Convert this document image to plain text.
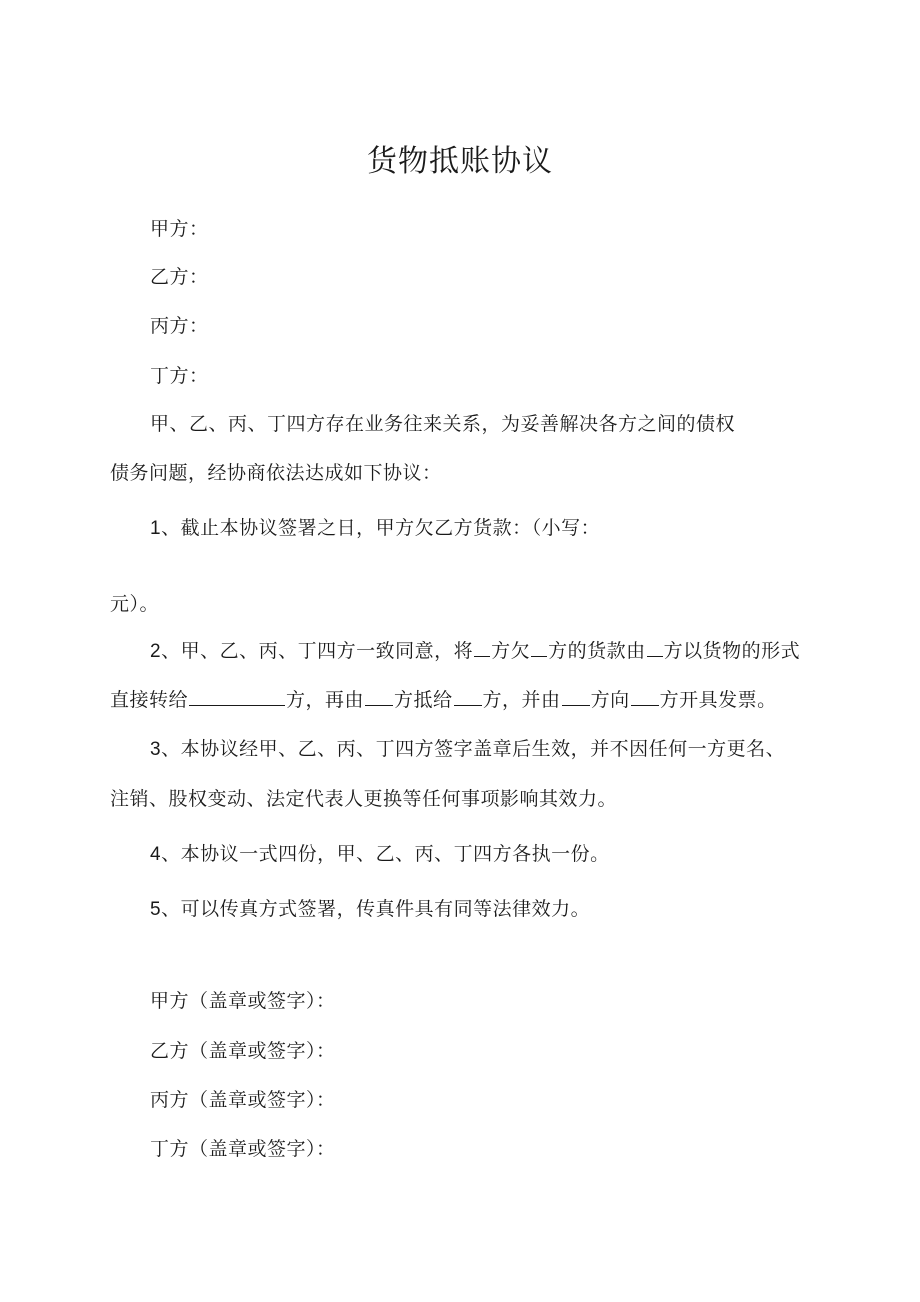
货物抵账协议
甲方：
乙方：
丙方：
丁方：
甲、乙、丙、丁四方存在业务往来关系，为妥善解决各方之间的债权
债务问题，经协商依法达成如下协议：
1、截止本协议签署之日，甲方欠乙方货款：（小写：
元）。
2、甲、乙、丙、丁四方一致同意，将 方欠 方的货款由 方以货物的形式
直接转给	方，再由 方抵给 方，并由 方向 方开具发票。
3、本协议经甲、乙、丙、丁四方签字盖章后生效，并不因任何一方更名、
注销、股权变动、法定代表人更换等任何事项影响其效力。
4、本协议一式四份，甲、乙、丙、丁四方各执一份。
5、可以传真方式签署，传真件具有同等法律效力。
甲方（盖章或签字）：
乙方（盖章或签字）：
丙方（盖章或签字）：
丁方（盖章或签字）：
